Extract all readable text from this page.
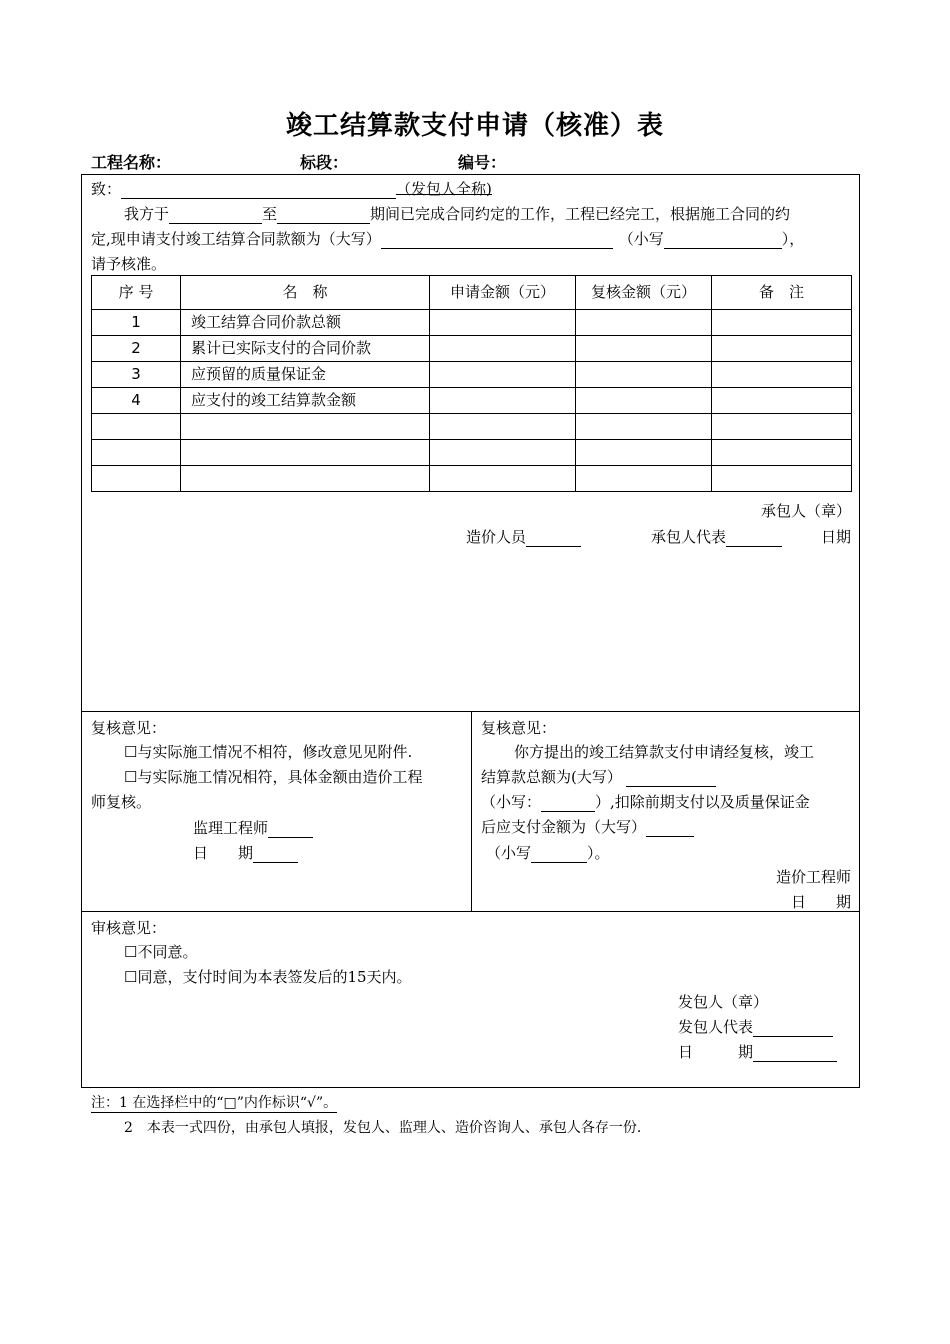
竣工结算款支付申请（核准）表
工程名称：	标段：	编号：
致：	（发包人全称)
我方于	至	期间已完成合同约定的工作，工程已经完工，根据施工合同的约
定,现申请支付竣工结算合同款额为（大写）	（小写	），
请予核准。
序 号	名　称	申请金额（元）	复核金额（元）	备　注
1	竣工结算合同价款总额			
2	累计已实际支付的合同价款			
3	应预留的质量保证金			
4	应支付的竣工结算款金额			

承包人（章）
造价人员	承包人代表	日期
复核意见：
☐与实际施工情况不相符，修改意见见附件.
☐与实际施工情况相符，具体金额由造价工程
师复核。
监理工程师
日　　期
复核意见：
你方提出的竣工结算款支付申请经复核，竣工
结算款总额为(大写）
（小写：	）,扣除前期支付以及质量保证金
后应支付金额为（大写）
（小写	）。
造价工程师
日　　期
审核意见：
☐不同意。
☐同意，支付时间为本表签发后的15天内。
发包人（章）
发包人代表
日　　　期
注：1 在选择栏中的“□”内作标识“√”。
2　本表一式四份，由承包人填报，发包人、监理人、造价咨询人、承包人各存一份.
